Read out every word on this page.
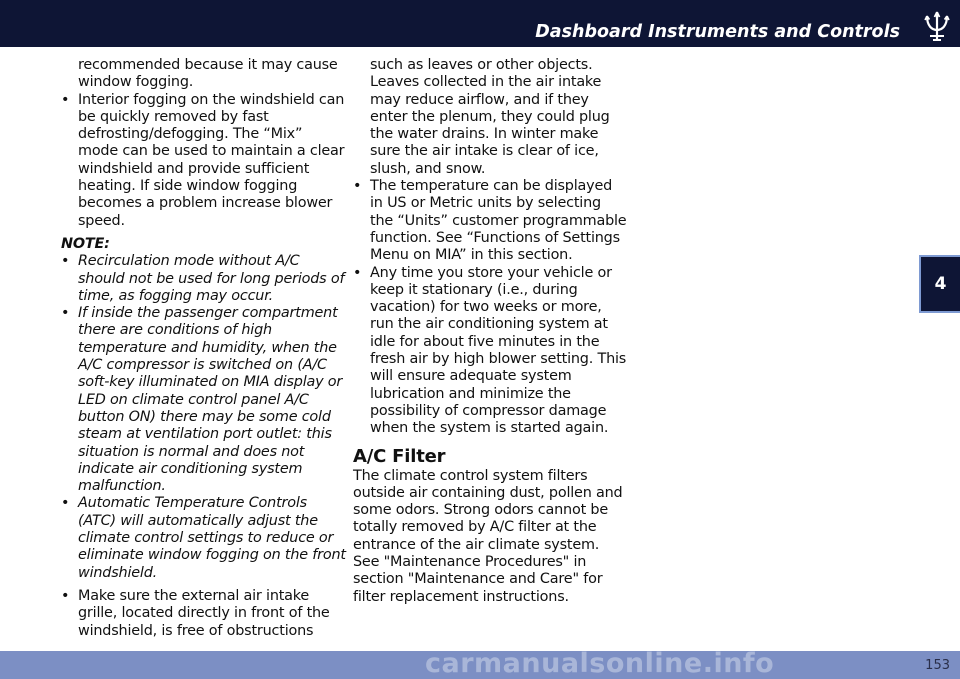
Dashboard Instruments and Controls

recommended because it may cause window fogging.

• Interior fogging on the windshield can be quickly removed by fast defrosting/defogging. The “Mix” mode can be used to maintain a clear windshield and provide sufficient heating. If side window fogging becomes a problem increase blower speed.

NOTE:

• Recirculation mode without A/C should not be used for long periods of time, as fogging may occur.

• If inside the passenger compartment there are conditions of high temperature and humidity, when the A/C compressor is switched on (A/C soft-key illuminated on MIA display or LED on climate control panel A/C button ON) there may be some cold steam at ventilation port outlet: this situation is normal and does not indicate air conditioning system malfunction.

• Automatic Temperature Controls (ATC) will automatically adjust the climate control settings to reduce or eliminate window fogging on the front windshield.

• Make sure the external air intake grille, located directly in front of the windshield, is free of obstructions

such as leaves or other objects. Leaves collected in the air intake may reduce airflow, and if they enter the plenum, they could plug the water drains. In winter make sure the air intake is clear of ice, slush, and snow.

• The temperature can be displayed in US or Metric units by selecting the “Units” customer programmable function. See “Functions of Settings Menu on MIA” in this section.

• Any time you store your vehicle or keep it stationary (i.e., during vacation) for two weeks or more, run the air conditioning system at idle for about five minutes in the fresh air by high blower setting. This will ensure adequate system lubrication and minimize the possibility of compressor damage when the system is started again.

A/C Filter

The climate control system filters outside air containing dust, pollen and some odors. Strong odors cannot be totally removed by A/C filter at the entrance of the air climate system. See "Maintenance Procedures" in section "Maintenance and Care" for filter replacement instructions.

4
153
carmanualsonline.info
